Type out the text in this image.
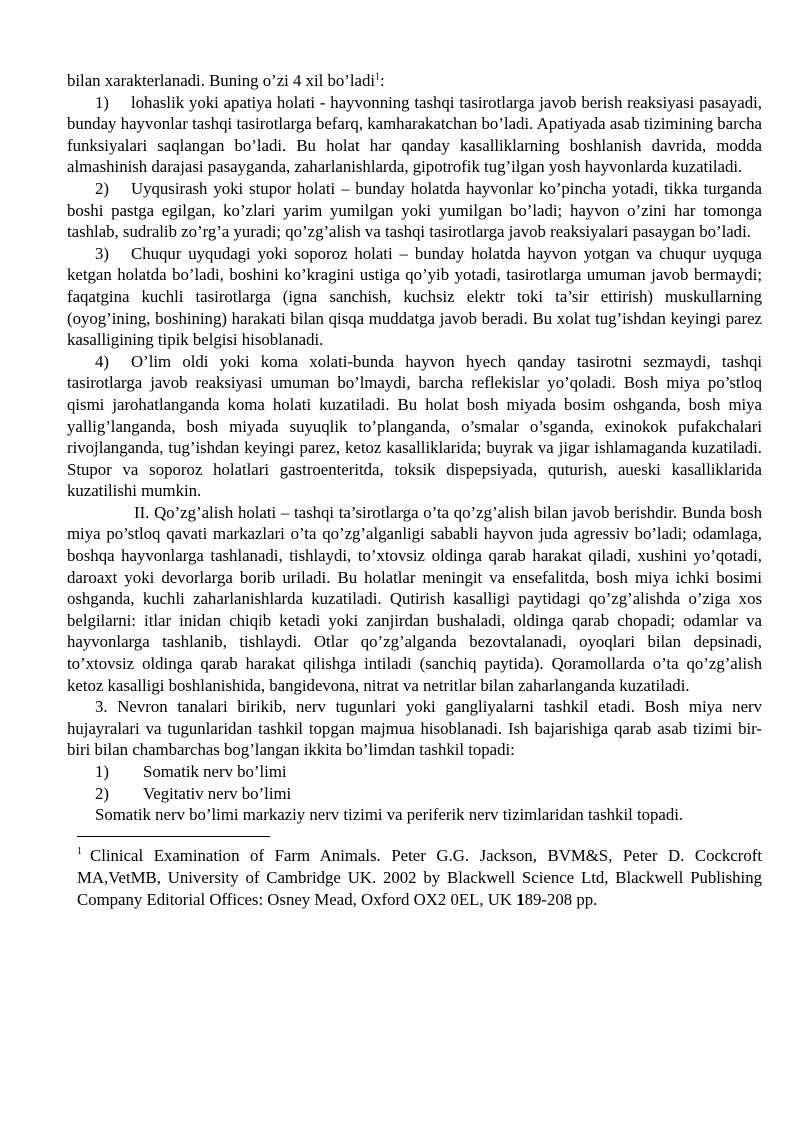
bilan xarakterlanadi. Buning o’zi 4 xil bo’ladi$^1$:

1) lohaslik yoki apatiya holati - hayvonning tashqi tasirotlarga javob berish reaksiyasi pasayadi, bunday hayvonlar tashqi tasirotlarga befarq, kamharakatchan bo’ladi. Apatiyada asab tizimining barcha funksiyalari saqlangan bo’ladi. Bu holat har qanday kasalliklarning boshlanish davrida, modda almashinish darajasi pasayganda, zaharlanishlarda, gipotrofik tug’ilgan yosh hayvonlarda kuzatiladi.

2) Uyqusirash yoki stupor holati – bunday holatda hayvonlar ko’pincha yotadi, tikka turganda boshi pastga egilgan, ko’zlari yarim yumilgan yoki yumilgan bo’ladi; hayvon o’zini har tomonga tashlab, sudralib zo’rg’a yuradi; qo’zg’alish va tashqi tasirotlarga javob reaksiyalari pasaygan bo’ladi.

3) Chuqur uyqudagi yoki soporoz holati – bunday holatda hayvon yotgan va chuqur uyquga ketgan holatda bo’ladi, boshini ko’kragini ustiga qo’yib yotadi, tasirotlarga umuman javob bermaydi; faqatgina kuchli tasirotlarga (igna sanchish, kuchsiz elektr toki ta’sir ettirish) muskullarning (oyog’ining, boshining) harakati bilan qisqa muddatga javob beradi. Bu xolat tug’ishdan keyingi parez kasalligining tipik belgisi hisoblanadi.

4) O’lim oldi yoki koma xolati-bunda hayvon hyech qanday tasirotni sezmaydi, tashqi tasirotlarga javob reaksiyasi umuman bo’lmaydi, barcha reflekislar yo’qoladi. Bosh miya po’stloq qismi jarohatlanganda koma holati kuzatiladi. Bu holat bosh miyada bosim oshganda, bosh miya yallig’langanda, bosh miyada suyuqlik to’planganda, o’smalar o’sganda, exinokok pufakchalari rivojlanganda, tug’ishdan keyingi parez, ketoz kasalliklarida; buyrak va jigar ishlamaganda kuzatiladi. Stupor va soporoz holatlari gastroenteritda, toksik dispepsiyada, quturish, aueski kasalliklarida kuzatilishi mumkin.

II. Qo’zg’alish holati – tashqi ta’sirotlarga o’ta qo’zg’alish bilan javob berishdir. Bunda bosh miya po’stloq qavati markazlari o’ta qo’zg’alganligi sababli hayvon juda agressiv bo’ladi; odamlaga, boshqa hayvonlarga tashlanadi, tishlaydi, to’xtovsiz oldinga qarab harakat qiladi, xushini yo’qotadi, daroaxt yoki devorlarga borib uriladi. Bu holatlar meningit va ensefalitda, bosh miya ichki bosimi oshganda, kuchli zaharlanishlarda kuzatiladi. Qutirish kasalligi paytidagi qo’zg’alishda o’ziga xos belgilarni: itlar inidan chiqib ketadi yoki zanjirdan bushaladi, oldinga qarab chopadi; odamlar va hayvonlarga tashlanib, tishlaydi. Otlar qo’zg’alganda bezovtalanadi, oyoqlari bilan depsinadi, to’xtovsiz oldinga qarab harakat qilishga intiladi (sanchiq paytida). Qoramollarda o’ta qo’zg’alish ketoz kasalligi boshlanishida, bangidevona, nitrat va netritlar bilan zaharlanganda kuzatiladi.

3. Nevron tanalari birikib, nerv tugunlari yoki gangliyalarni tashkil etadi. Bosh miya nerv hujayralari va tugunlaridan tashkil topgan majmua hisoblanadi. Ish bajarishiga qarab asab tizimi bir-biri bilan chambarchas bog’langan ikkita bo’limdan tashkil topadi:

1) Somatik nerv bo’limi

2) Vegitativ nerv bo’limi

Somatik nerv bo’limi markaziy nerv tizimi va periferik nerv tizimlaridan tashkil topadi.

$^1$ Clinical Examination of Farm Animals. Peter G.G. Jackson, BVM&S, Peter D. Cockcroft MA,VetMB, University of Cambridge UK. 2002 by Blackwell Science Ltd, Blackwell Publishing Company Editorial Offices: Osney Mead, Oxford OX2 0EL, UK 189-208 pp.
